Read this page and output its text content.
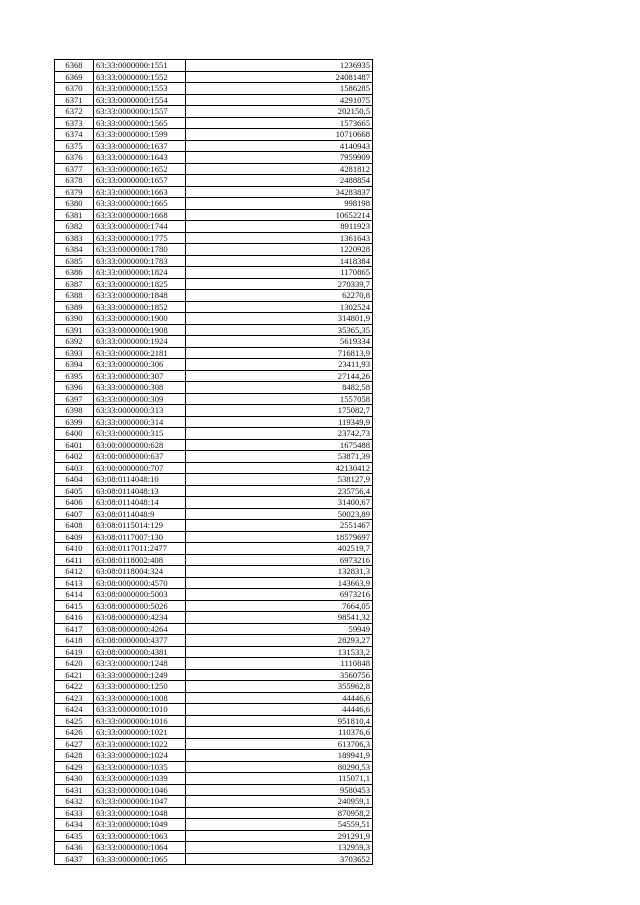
6368	63:33:0000000:1551	1236935
6369	63:33:0000000:1552	24081487
6370	63:33:0000000:1553	1586285
6371	63:33:0000000:1554	4291075
6372	63:33:0000000:1557	202150,5
6373	63:33:0000000:1565	1573665
6374	63:33:0000000:1599	10710668
6375	63:33:0000000:1637	4140943
6376	63:33:0000000:1643	7959909
6377	63:33:0000000:1652	4281812
6378	63:33:0000000:1657	2488854
6379	63:33:0000000:1663	34283837
6380	63:33:0000000:1665	998198
6381	63:33:0000000:1668	10652214
6382	63:33:0000000:1744	8911923
6383	63:33:0000000:1775	1361643
6384	63:33:0000000:1780	1220928
6385	63:33:0000000:1783	1418384
6386	63:33:0000000:1824	1170865
6387	63:33:0000000:1825	270339,7
6388	63:33:0000000:1848	62270,8
6389	63:33:0000000:1852	1302524
6390	63:33:0000000:1900	314801,9
6391	63:33:0000000:1908	35365,35
6392	63:33:0000000:1924	5619334
6393	63:33:0000000:2181	716813,9
6394	63:33:0000000:306	23411,93
6395	63:33:0000000:307	27144,26
6396	63:33:0000000:308	8482,58
6397	63:33:0000000:309	1557058
6398	63:33:0000000:313	175082,7
6399	63:33:0000000:314	119349,9
6400	63:33:0000000:315	23742,73
6401	63:00:0000000:628	1675488
6402	63:00:0000000:637	53871,39
6403	63:00:0000000:707	42130412
6404	63:08:0114048:10	538127,9
6405	63:08:0114048:13	235756,4
6406	63:08:0114048:14	31400,67
6407	63:08:0114048:9	50023,89
6408	63:08:0115014:129	2551467
6409	63:08:0117007:130	18579697
6410	63:08:0117011:2477	402519,7
6411	63:08:0118002:408	6973216
6412	63:08:0118004:324	132831,3
6413	63:08:0000000:4570	143663,9
6414	63:08:0000000:5003	6973216
6415	63:08:0000000:5026	7664,05
6416	63:08:0000000:4234	98541,32
6417	63:08:0000000:4264	59949
6418	63:08:0000000:4377	28293,27
6419	63:08:0000000:4381	131533,2
6420	63:33:0000000:1248	1110848
6421	63:33:0000000:1249	3560756
6422	63:33:0000000:1250	355962,8
6423	63:33:0000000:1008	44446,6
6424	63:33:0000000:1010	44446,6
6425	63:33:0000000:1016	951810,4
6426	63:33:0000000:1021	110376,6
6427	63:33:0000000:1022	613706,3
6428	63:33:0000000:1024	189941,9
6429	63:33:0000000:1035	80290,53
6430	63:33:0000000:1039	115071,1
6431	63:33:0000000:1046	9580453
6432	63:33:0000000:1047	240959,1
6433	63:33:0000000:1048	870958,2
6434	63:33:0000000:1049	54559,51
6435	63:33:0000000:1063	291291,9
6436	63:33:0000000:1064	132959,3
6437	63:33:0000000:1065	3703652
